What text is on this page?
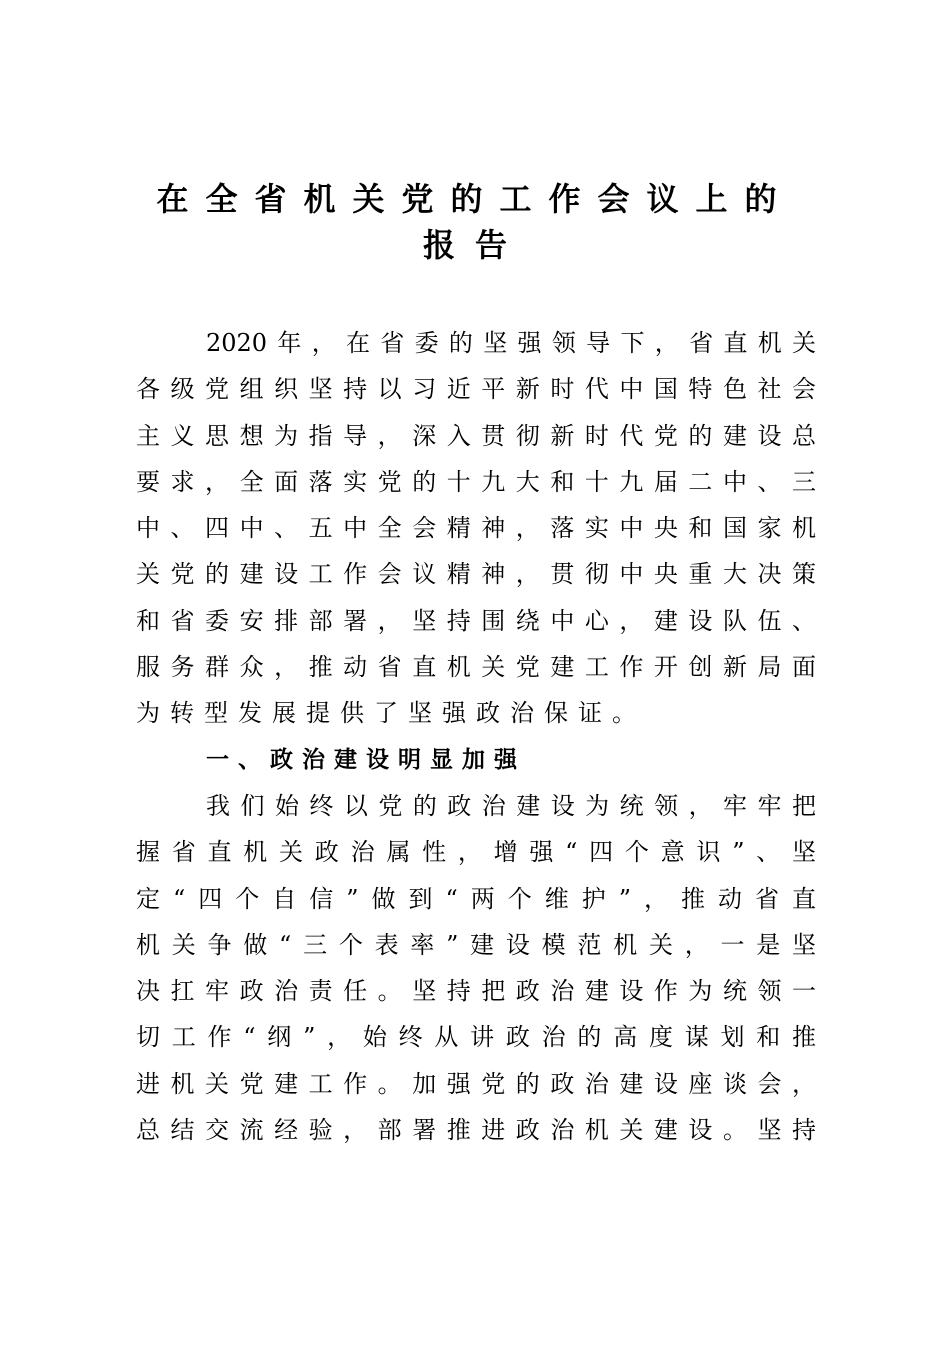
在全省机关党的工作会议上的
报告
2020年，在省委的坚强领导下，省直机关
各级党组织坚持以习近平新时代中国特色社会
主义思想为指导，深入贯彻新时代党的建设总
要求，全面落实党的十九大和十九届二中、三
中、四中、五中全会精神，落实中央和国家机
关党的建设工作会议精神，贯彻中央重大决策
和省委安排部署，坚持围绕中心，建设队伍、
服务群众，推动省直机关党建工作开创新局面
为转型发展提供了坚强政治保证。
一、政治建设明显加强
我们始终以党的政治建设为统领，牢牢把
握省直机关政治属性，增强“四个意识”、坚
定“四个自信”做到“两个维护”，推动省直
机关争做“三个表率”建设模范机关，一是坚
决扛牢政治责任。坚持把政治建设作为统领一
切工作“纲”，始终从讲政治的高度谋划和推
进机关党建工作。加强党的政治建设座谈会，
总结交流经验，部署推进政治机关建设。坚持
